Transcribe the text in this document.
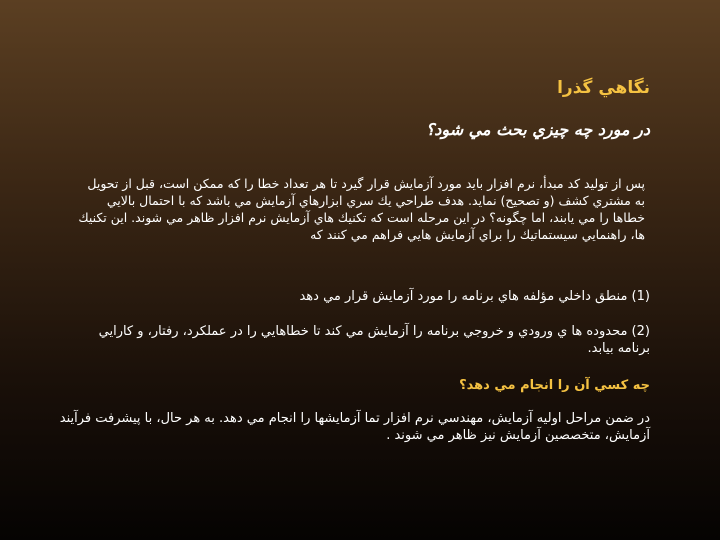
نگاهي گذرا
در مورد چه چيزي بحث مي شود؟
پس از توليد كد مبدأ، نرم افزار بايد مورد آزمايش قرار گيرد تا هر تعداد خطا را كه ممكن است، قبل از تحويل به مشتري كشف (و تصحيح) نمايد. هدف طراحي يك سري ابزارهاي آزمايش مي باشد كه با احتمال بالايي خطاها را مي يابند، اما چگونه؟ در اين مرحله است كه تكنيك هاي آزمايش نرم افزار ظاهر مي شوند. اين تكنيك ها، راهنمايي سيستماتيك را براي آزمايش هايي فراهم مي كنند كه
(1) منطق داخلي مؤلفه هاي برنامه را مورد آزمايش قرار مي دهد
(2) محدوده ها ي ورودي و خروجي برنامه را آزمايش مي كند تا خطاهايي را در عملكرد، رفتار، و كارايي برنامه بيابد.
چه كسي آن را انجام مي دهد؟
در ضمن مراحل اوليه آزمايش، مهندسي نرم افزار تما آزمايشها را انجام مي دهد. به هر حال، با پيشرفت فرآيند آزمايش، متخصصين آزمايش نيز ظاهر مي شوند .
